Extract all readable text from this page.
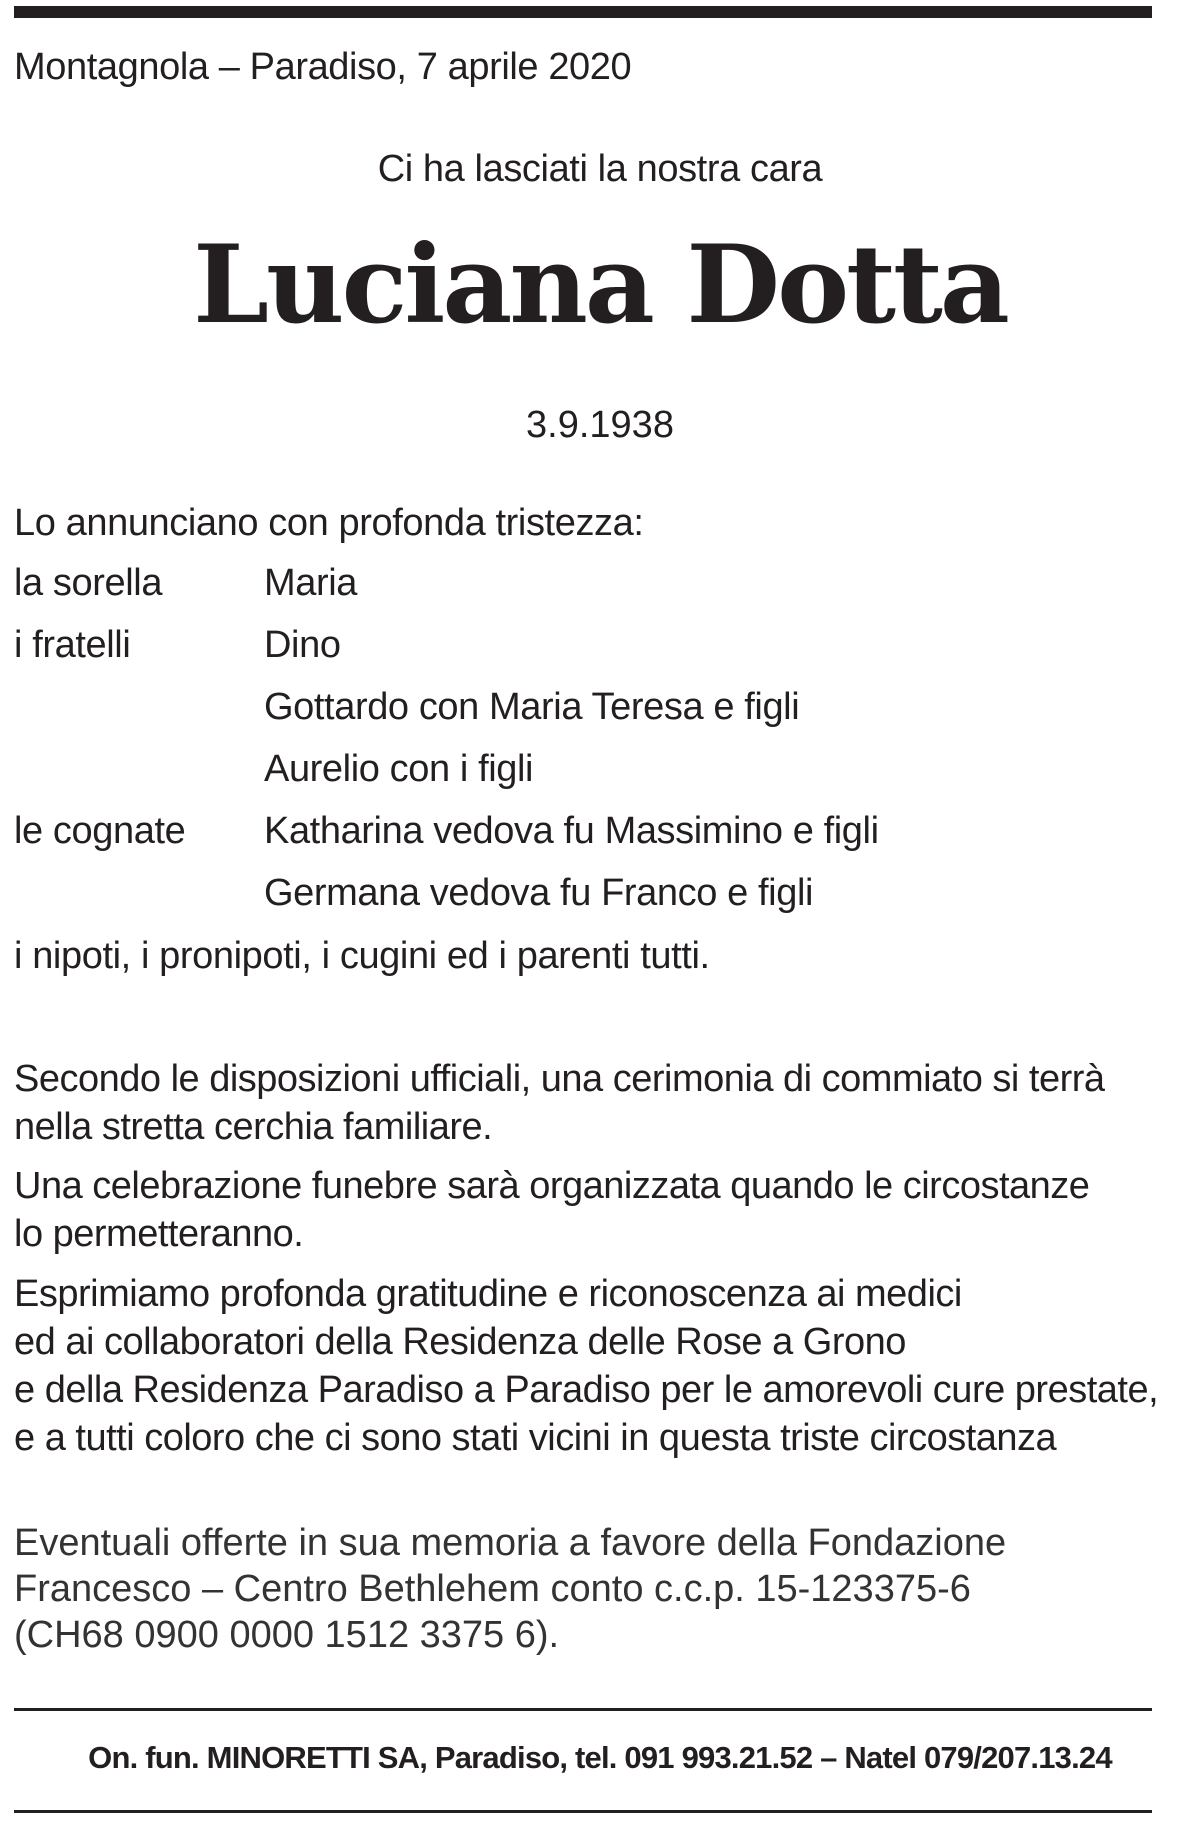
Montagnola – Paradiso, 7 aprile 2020
Ci ha lasciati la nostra cara
Luciana Dotta
3.9.1938
Lo annunciano con profonda tristezza:
la sorella	Maria
i fratelli	Dino
Gottardo con Maria Teresa e figli
Aurelio con i figli
le cognate Katharina vedova fu Massimino e figli
Germana vedova fu Franco e figli
i nipoti, i pronipoti, i cugini ed i parenti tutti.
Secondo le disposizioni ufficiali, una cerimonia di commiato si terrà
nella stretta cerchia familiare.
Una celebrazione funebre sarà organizzata quando le circostanze
lo permetteranno.
Esprimiamo profonda gratitudine e riconoscenza ai medici
ed ai collaboratori della Residenza delle Rose a Grono
e della Residenza Paradiso a Paradiso per le amorevoli cure prestate,
e a tutti coloro che ci sono stati vicini in questa triste circostanza
Eventuali offerte in sua memoria a favore della Fondazione
Francesco – Centro Bethlehem conto c.c.p. 15-123375-6
(CH68 0900 0000 1512 3375 6).
On. fun. MINORETTI SA, Paradiso, tel. 091 993.21.52 – Natel 079/207.13.24
